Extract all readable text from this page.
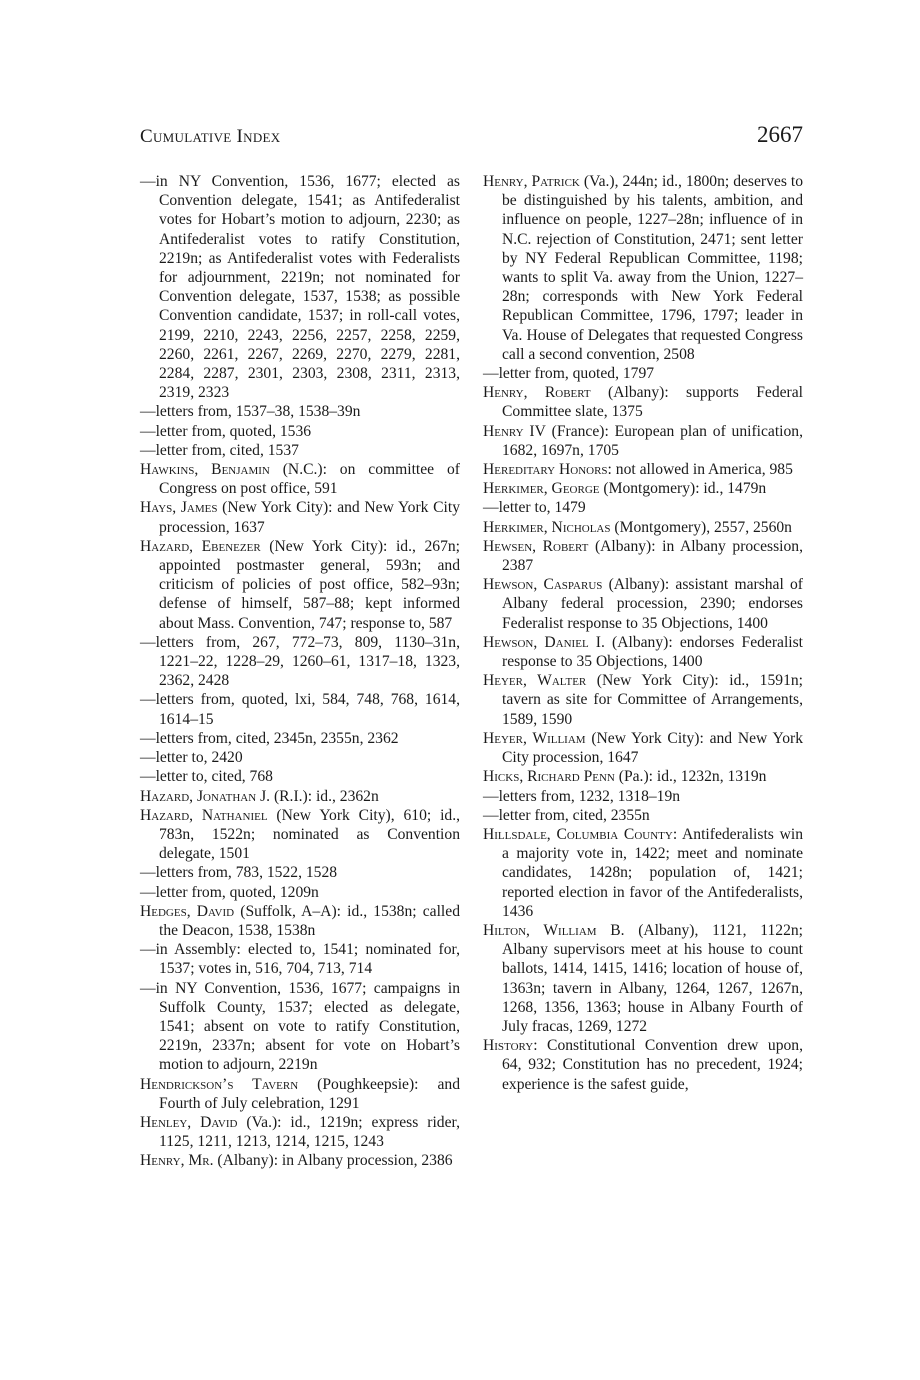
Cumulative Index	2667

—in NY Convention, 1536, 1677; elected as Convention delegate, 1541; as Antifederalist votes for Hobart’s motion to adjourn, 2230; as Antifederalist votes to ratify Constitution, 2219n; as Antifederalist votes with Federalists for adjournment, 2219n; not nominated for Convention delegate, 1537, 1538; as possible Convention candidate, 1537; in roll-call votes, 2199, 2210, 2243, 2256, 2257, 2258, 2259, 2260, 2261, 2267, 2269, 2270, 2279, 2281, 2284, 2287, 2301, 2303, 2308, 2311, 2313, 2319, 2323

—letters from, 1537–38, 1538–39n

—letter from, quoted, 1536

—letter from, cited, 1537

Hawkins, Benjamin (N.C.): on committee of Congress on post office, 591

Hays, James (New York City): and New York City procession, 1637

Hazard, Ebenezer (New York City): id., 267n; appointed postmaster general, 593n; and criticism of policies of post office, 582–93n; defense of himself, 587–88; kept informed about Mass. Convention, 747; response to, 587

—letters from, 267, 772–73, 809, 1130–31n, 1221–22, 1228–29, 1260–61, 1317–18, 1323, 2362, 2428

—letters from, quoted, lxi, 584, 748, 768, 1614, 1614–15

—letters from, cited, 2345n, 2355n, 2362

—letter to, 2420

—letter to, cited, 768

Hazard, Jonathan J. (R.I.): id., 2362n

Hazard, Nathaniel (New York City), 610; id., 783n, 1522n; nominated as Convention delegate, 1501

—letters from, 783, 1522, 1528

—letter from, quoted, 1209n

Hedges, David (Suffolk, A–A): id., 1538n; called the Deacon, 1538, 1538n

—in Assembly: elected to, 1541; nominated for, 1537; votes in, 516, 704, 713, 714

—in NY Convention, 1536, 1677; campaigns in Suffolk County, 1537; elected as delegate, 1541; absent on vote to ratify Constitution, 2219n, 2337n; absent for vote on Hobart’s motion to adjourn, 2219n

Hendrickson’s Tavern (Poughkeepsie): and Fourth of July celebration, 1291

Henley, David (Va.): id., 1219n; express rider, 1125, 1211, 1213, 1214, 1215, 1243

Henry, Mr. (Albany): in Albany procession, 2386

Henry, Patrick (Va.), 244n; id., 1800n; deserves to be distinguished by his talents, ambition, and influence on people, 1227–28n; influence of in N.C. rejection of Constitution, 2471; sent letter by NY Federal Republican Committee, 1198; wants to split Va. away from the Union, 1227–28n; corresponds with New York Federal Republican Committee, 1796, 1797; leader in Va. House of Delegates that requested Congress call a second convention, 2508

—letter from, quoted, 1797

Henry, Robert (Albany): supports Federal Committee slate, 1375

Henry IV (France): European plan of unification, 1682, 1697n, 1705

Hereditary Honors: not allowed in America, 985

Herkimer, George (Montgomery): id., 1479n

—letter to, 1479

Herkimer, Nicholas (Montgomery), 2557, 2560n

Hewsen, Robert (Albany): in Albany procession, 2387

Hewson, Casparus (Albany): assistant marshal of Albany federal procession, 2390; endorses Federalist response to 35 Objections, 1400

Hewson, Daniel I. (Albany): endorses Federalist response to 35 Objections, 1400

Heyer, Walter (New York City): id., 1591n; tavern as site for Committee of Arrangements, 1589, 1590

Heyer, William (New York City): and New York City procession, 1647

Hicks, Richard Penn (Pa.): id., 1232n, 1319n

—letters from, 1232, 1318–19n

—letter from, cited, 2355n

Hillsdale, Columbia County: Antifederalists win a majority vote in, 1422; meet and nominate candidates, 1428n; population of, 1421; reported election in favor of the Antifederalists, 1436

Hilton, William B. (Albany), 1121, 1122n; Albany supervisors meet at his house to count ballots, 1414, 1415, 1416; location of house of, 1363n; tavern in Albany, 1264, 1267, 1267n, 1268, 1356, 1363; house in Albany Fourth of July fracas, 1269, 1272

History: Constitutional Convention drew upon, 64, 932; Constitution has no precedent, 1924; experience is the safest guide,
